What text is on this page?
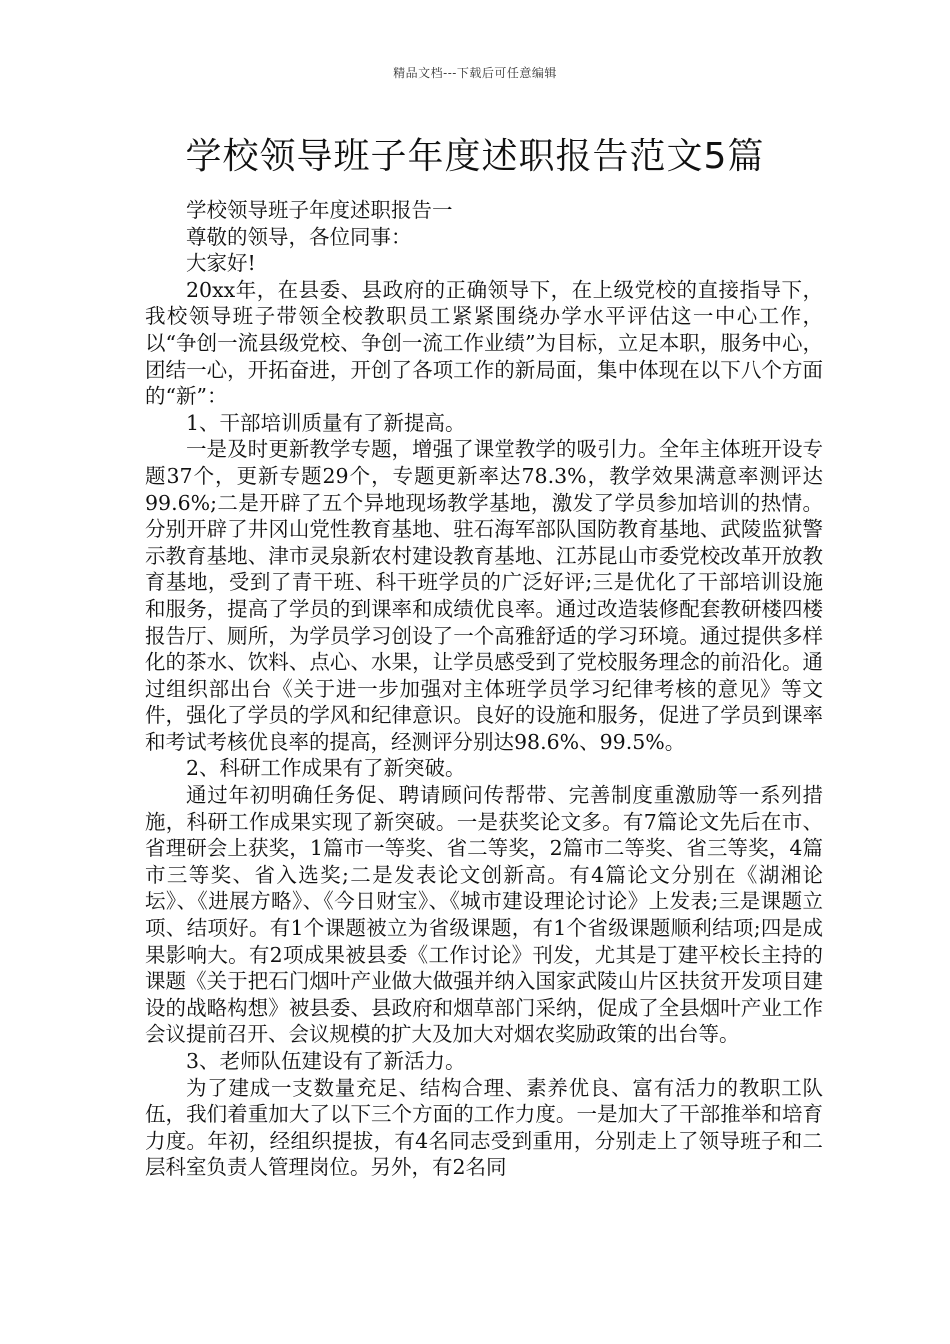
精品文档---下载后可任意编辑
学校领导班子年度述职报告范文5篇

学校领导班子年度述职报告一

尊敬的领导，各位同事：

大家好!

20xx年，在县委、县政府的正确领导下，在上级党校的直接指导下，我校领导班子带领全校教职员工紧紧围绕办学水平评估这一中心工作，以“争创一流县级党校、争创一流工作业绩”为目标，立足本职，服务中心，团结一心，开拓奋进，开创了各项工作的新局面，集中体现在以下八个方面的“新”：

1、干部培训质量有了新提高。

一是及时更新教学专题，增强了课堂教学的吸引力。全年主体班开设专题37个，更新专题29个，专题更新率达78.3%，教学效果满意率测评达99.6%;二是开辟了五个异地现场教学基地，激发了学员参加培训的热情。分别开辟了井冈山党性教育基地、驻石海军部队国防教育基地、武陵监狱警示教育基地、津市灵泉新农村建设教育基地、江苏昆山市委党校改革开放教育基地，受到了青干班、科干班学员的广泛好评;三是优化了干部培训设施和服务，提高了学员的到课率和成绩优良率。通过改造装修配套教研楼四楼报告厅、厕所，为学员学习创设了一个高雅舒适的学习环境。通过提供多样化的茶水、饮料、点心、水果，让学员感受到了党校服务理念的前沿化。通过组织部出台《关于进一步加强对主体班学员学习纪律考核的意见》等文件，强化了学员的学风和纪律意识。良好的设施和服务，促进了学员到课率和考试考核优良率的提高，经测评分别达98.6%、99.5%。

2、科研工作成果有了新突破。

通过年初明确任务促、聘请顾问传帮带、完善制度重激励等一系列措施，科研工作成果实现了新突破。一是获奖论文多。有7篇论文先后在市、省理研会上获奖，1篇市一等奖、省二等奖，2篇市二等奖、省三等奖，4篇市三等奖、省入选奖;二是发表论文创新高。有4篇论文分别在《湖湘论坛》、《进展方略》、《今日财宝》、《城市建设理论讨论》上发表;三是课题立项、结项好。有1个课题被立为省级课题，有1个省级课题顺利结项;四是成果影响大。有2项成果被县委《工作讨论》刊发，尤其是丁建平校长主持的课题《关于把石门烟叶产业做大做强并纳入国家武陵山片区扶贫开发项目建设的战略构想》被县委、县政府和烟草部门采纳，促成了全县烟叶产业工作会议提前召开、会议规模的扩大及加大对烟农奖励政策的出台等。

3、老师队伍建设有了新活力。

为了建成一支数量充足、结构合理、素养优良、富有活力的教职工队伍，我们着重加大了以下三个方面的工作力度。一是加大了干部推举和培育力度。年初，经组织提拔，有4名同志受到重用，分别走上了领导班子和二层科室负责人管理岗位。另外，有2名同
